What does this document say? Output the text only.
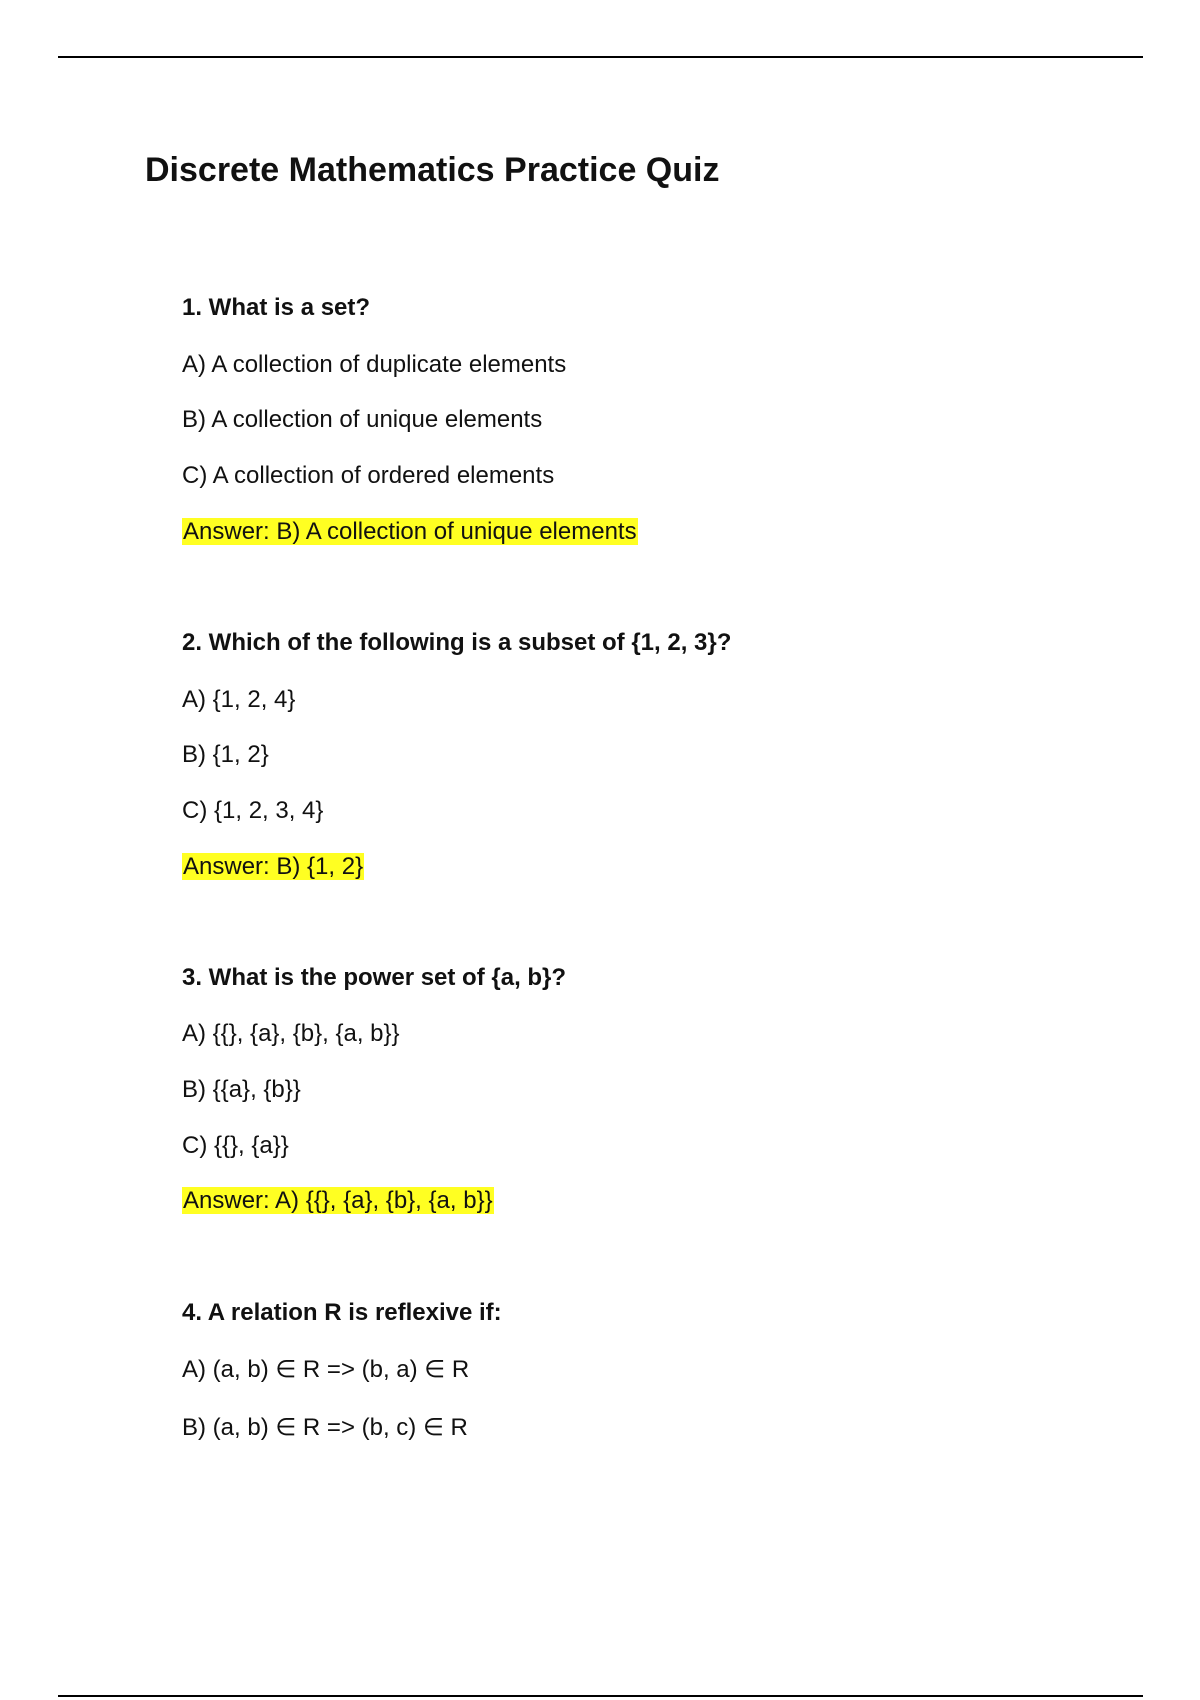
Discrete Mathematics Practice Quiz
1. What is a set?
A) A collection of duplicate elements
B) A collection of unique elements
C) A collection of ordered elements
Answer: B) A collection of unique elements
2. Which of the following is a subset of {1, 2, 3}?
A) {1, 2, 4}
B) {1, 2}
C) {1, 2, 3, 4}
Answer: B) {1, 2}
3. What is the power set of {a, b}?
A) {{}, {a}, {b}, {a, b}}
B) {{a}, {b}}
C) {{}, {a}}
Answer: A) {{}, {a}, {b}, {a, b}}
4. A relation R is reflexive if:
A) (a, b) ∈ R => (b, a) ∈ R
B) (a, b) ∈ R => (b, c) ∈ R
